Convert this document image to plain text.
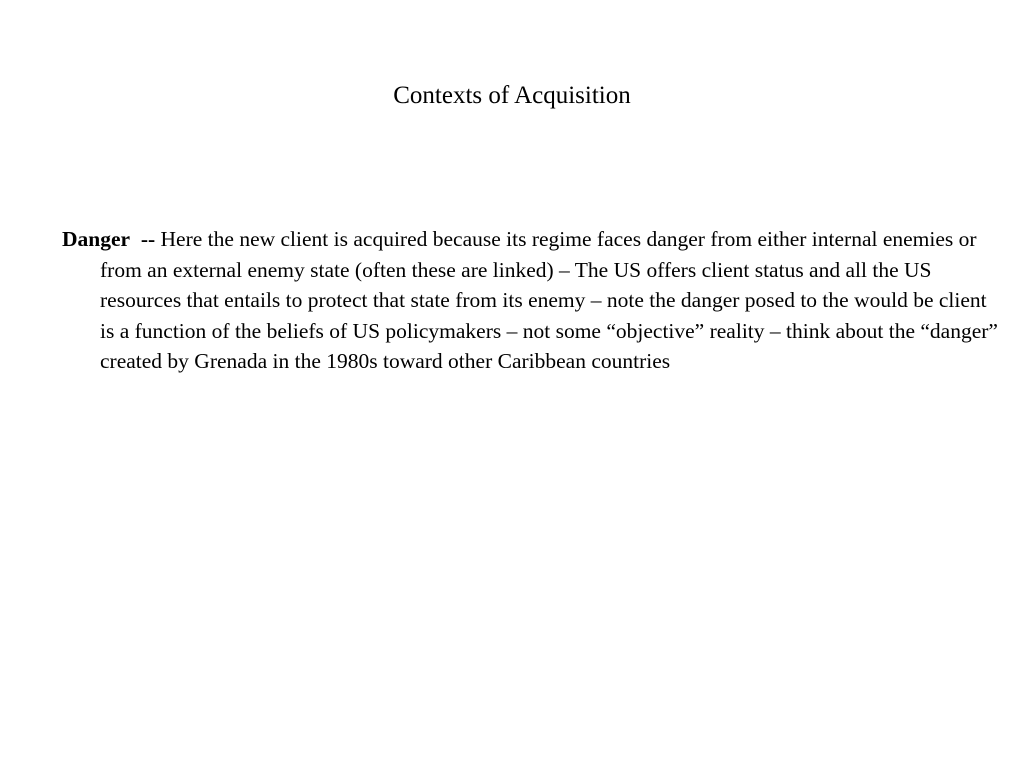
Contexts of Acquisition

Danger -- Here the new client is acquired because its regime faces danger from either internal enemies or from an external enemy state (often these are linked) – The US offers client status and all the US resources that entails to protect that state from its enemy – note the danger posed to the would be client is a function of the beliefs of US policymakers – not some “objective” reality – think about the “danger” created by Grenada in the 1980s toward other Caribbean countries
